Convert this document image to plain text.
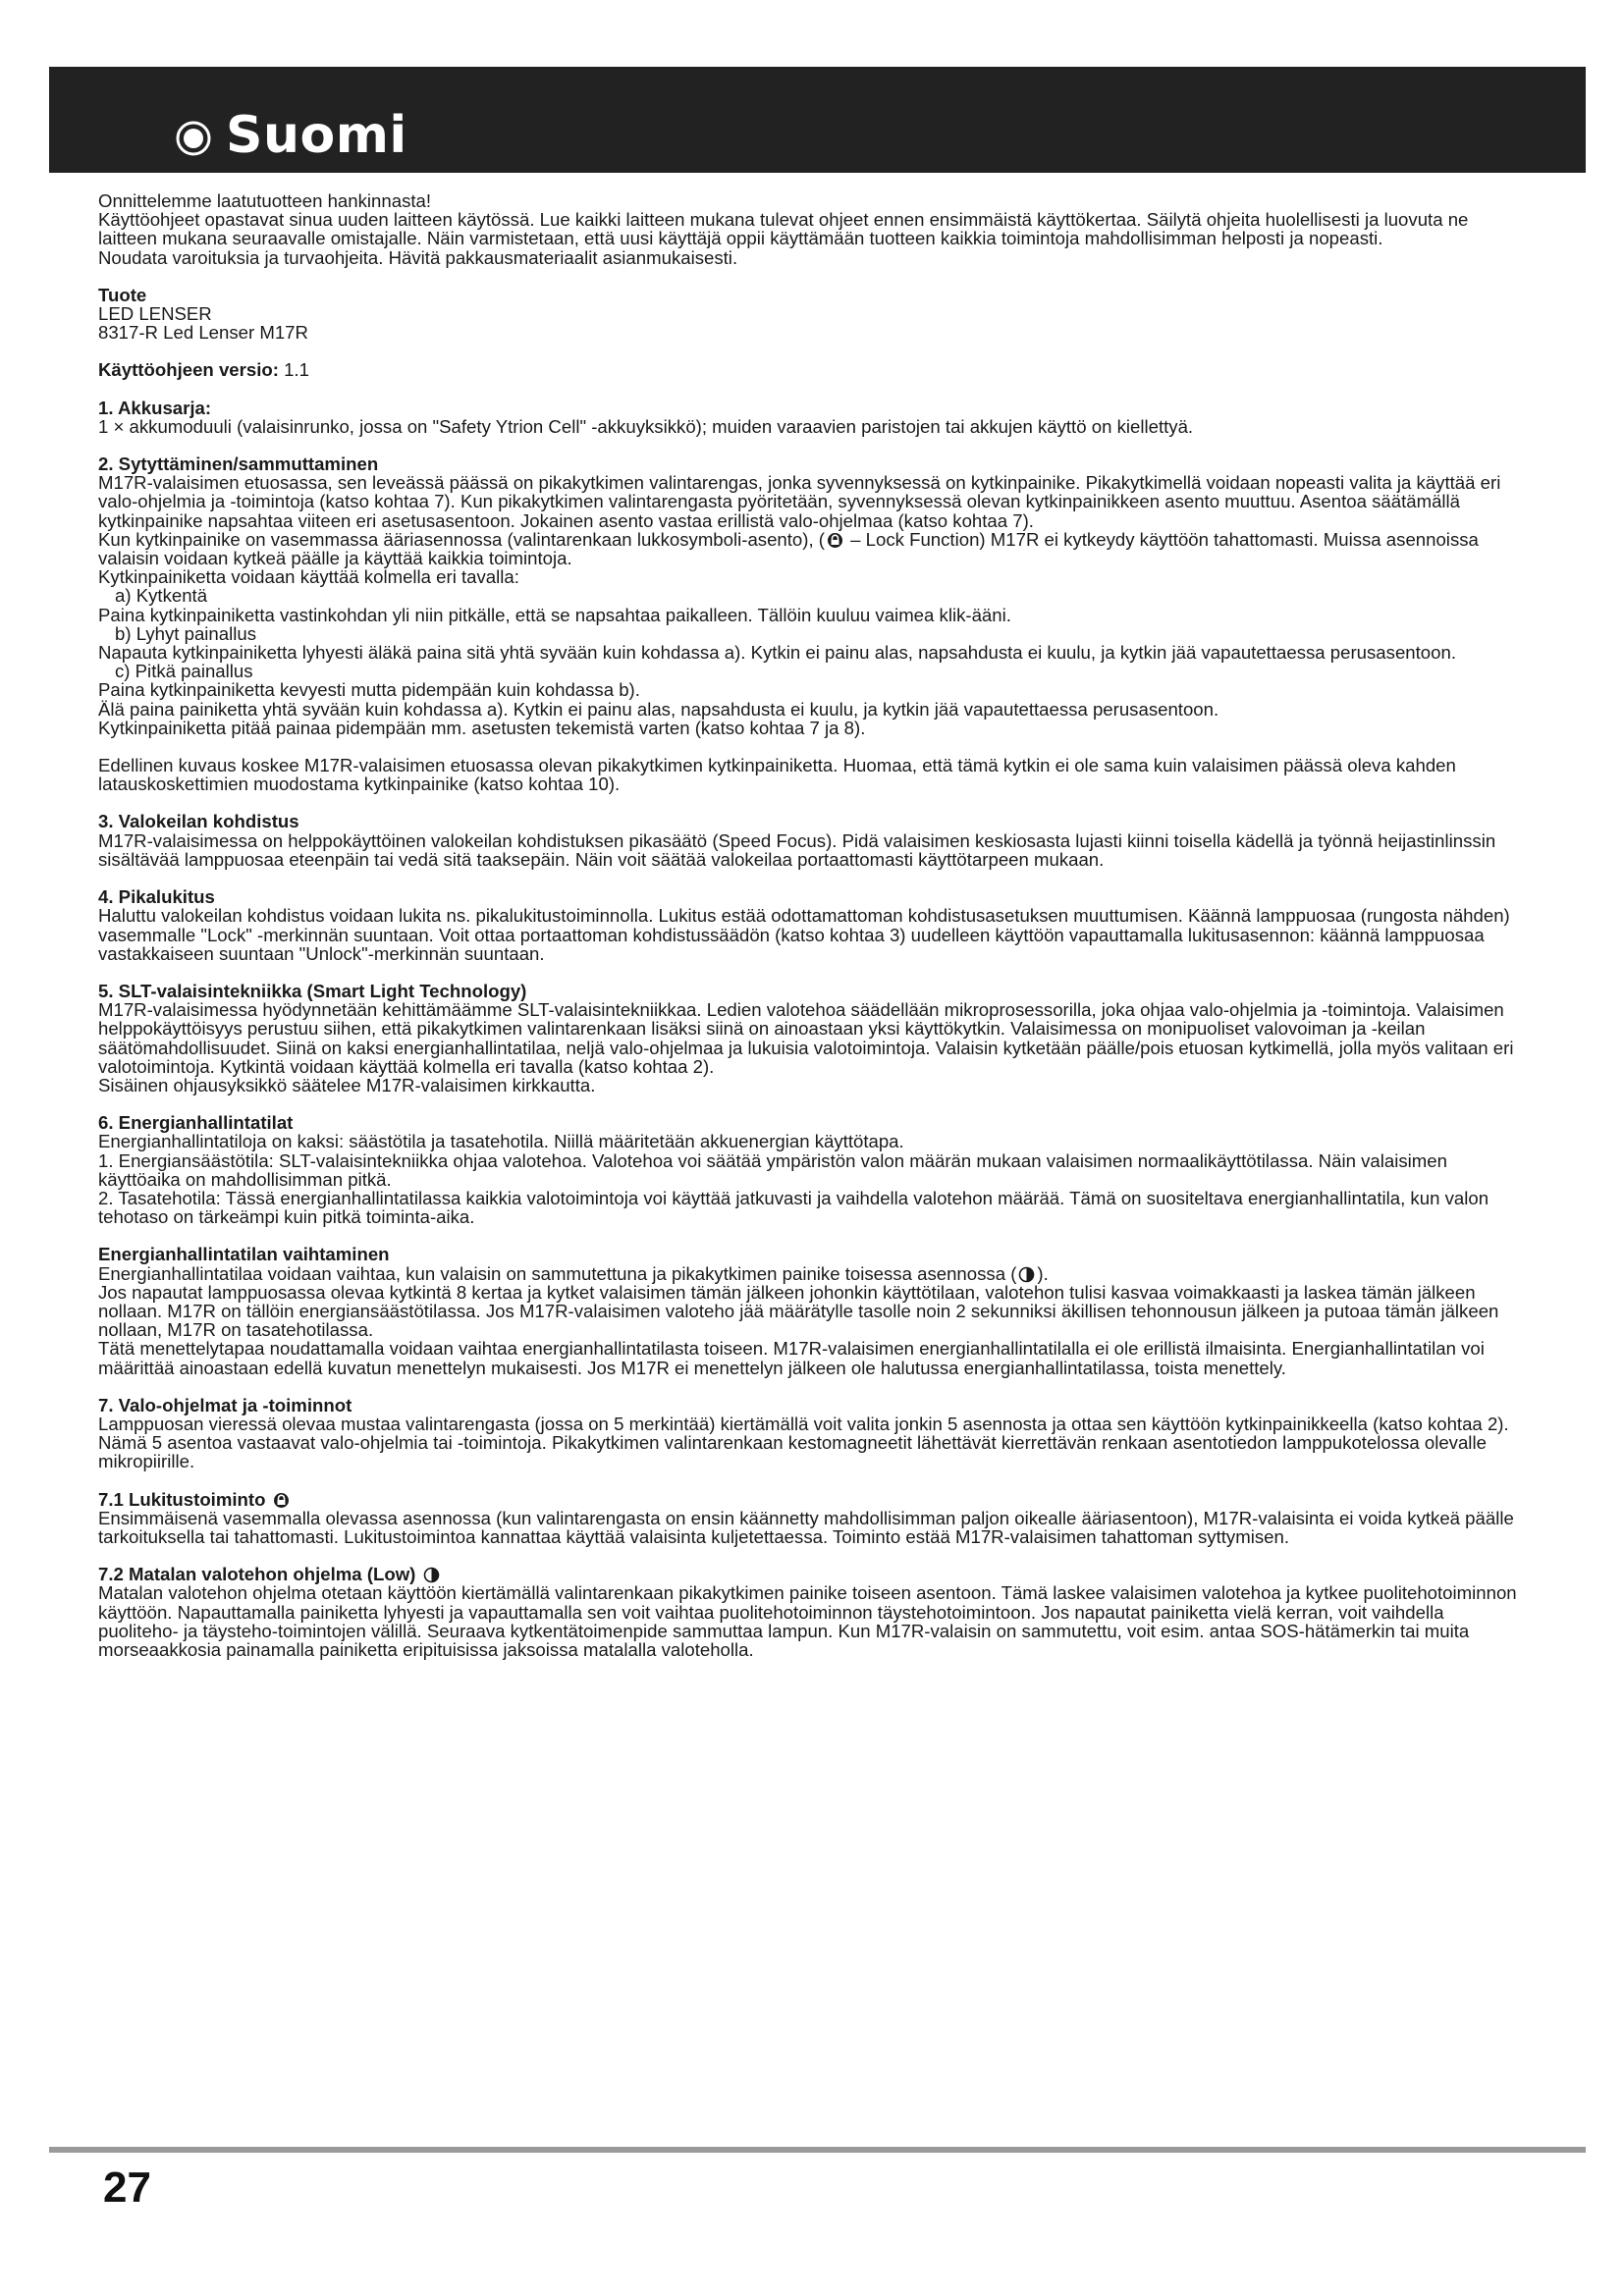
Suomi

Onnittelemme laatutuotteen hankinnasta!

Käyttöohjeet opastavat sinua uuden laitteen käytössä. Lue kaikki laitteen mukana tulevat ohjeet ennen ensimmäistä käyttökertaa. Säilytä ohjeita huolellisesti ja luovuta ne laitteen mukana seuraavalle omistajalle. Näin varmistetaan, että uusi käyttäjä oppii käyttämään tuotteen kaikkia toimintoja mahdollisimman helposti ja nopeasti.

Noudata varoituksia ja turvaohjeita. Hävitä pakkausmateriaalit asianmukaisesti.

Tuote

LED LENSER

8317-R Led Lenser M17R

Käyttöohjeen versio: 1.1

1. Akkusarja:

1 × akkumoduuli (valaisinrunko, jossa on "Safety Ytrion Cell" -akkuyksikkö); muiden varaavien paristojen tai akkujen käyttö on kiellettyä.

2. Sytyttäminen/sammuttaminen

M17R-valaisimen etuosassa, sen leveässä päässä on pikakytkimen valintarengas, jonka syvennyksessä on kytkinpainike. Pikakytkimellä voidaan nopeasti valita ja käyttää eri valo-ohjelmia ja -toimintoja (katso kohtaa 7). Kun pikakytkimen valintarengasta pyöritetään, syvennyksessä olevan kytkinpainikkeen asento muuttuu. Asentoa säätämällä kytkinpainike napsahtaa viiteen eri asetusasentoon. Jokainen asento vastaa erillistä valo-ohjelmaa (katso kohtaa 7).

Kun kytkinpainike on vasemmassa ääriasennossa (valintarenkaan lukkosymboli-asento), ( – Lock Function) M17R ei kytkeydy käyttöön tahattomasti. Muissa asennoissa valaisin voidaan kytkeä päälle ja käyttää kaikkia toimintoja.

Kytkinpainiketta voidaan käyttää kolmella eri tavalla:

a) Kytkentä

Paina kytkinpainiketta vastinkohdan yli niin pitkälle, että se napsahtaa paikalleen. Tällöin kuuluu vaimea klik-ääni.

b) Lyhyt painallus

Napauta kytkinpainiketta lyhyesti äläkä paina sitä yhtä syvään kuin kohdassa a). Kytkin ei painu alas, napsahdusta ei kuulu, ja kytkin jää vapautettaessa perusasentoon.

c) Pitkä painallus

Paina kytkinpainiketta kevyesti mutta pidempään kuin kohdassa b).

Älä paina painiketta yhtä syvään kuin kohdassa a). Kytkin ei painu alas, napsahdusta ei kuulu, ja kytkin jää vapautettaessa perusasentoon.

Kytkinpainiketta pitää painaa pidempään mm. asetusten tekemistä varten (katso kohtaa 7 ja 8).

Edellinen kuvaus koskee M17R-valaisimen etuosassa olevan pikakytkimen kytkinpainiketta. Huomaa, että tämä kytkin ei ole sama kuin valaisimen päässä oleva kahden latauskoskettimien muodostama kytkinpainike (katso kohtaa 10).

3. Valokeilan kohdistus

M17R-valaisimessa on helppokäyttöinen valokeilan kohdistuksen pikasäätö (Speed Focus). Pidä valaisimen keskiosasta lujasti kiinni toisella kädellä ja työnnä heijastinlinssin sisältävää lamppuosaa eteenpäin tai vedä sitä taaksepäin. Näin voit säätää valokeilaa portaattomasti käyttötarpeen mukaan.

4. Pikalukitus

Haluttu valokeilan kohdistus voidaan lukita ns. pikalukitustoiminnolla. Lukitus estää odottamattoman kohdistusasetuksen muuttumisen. Käännä lamppuosaa (rungosta nähden) vasemmalle "Lock" -merkinnän suuntaan. Voit ottaa portaattoman kohdistussäädön (katso kohtaa 3) uudelleen käyttöön vapauttamalla lukitusasennon: käännä lamppuosaa vastakkaiseen suuntaan "Unlock"-merkinnän suuntaan.

5. SLT-valaisintekniikka (Smart Light Technology)

M17R-valaisimessa hyödynnetään kehittämäämme SLT-valaisintekniikkaa. Ledien valotehoa säädellään mikroprosessorilla, joka ohjaa valo-ohjelmia ja -toimintoja. Valaisimen helppokäyttöisyys perustuu siihen, että pikakytkimen valintarenkaan lisäksi siinä on ainoastaan yksi käyttökytkin. Valaisimessa on monipuoliset valovoiman ja -keilan säätömahdollisuudet. Siinä on kaksi energianhallintatilaa, neljä valo-ohjelmaa ja lukuisia valotoimintoja. Valaisin kytketään päälle/pois etuosan kytkimellä, jolla myös valitaan eri valotoimintoja. Kytkintä voidaan käyttää kolmella eri tavalla (katso kohtaa 2).

Sisäinen ohjausyksikkö säätelee M17R-valaisimen kirkkautta.

6. Energianhallintatilat

Energianhallintatiloja on kaksi: säästötila ja tasatehotila. Niillä määritetään akkuenergian käyttötapa.

1. Energiansäästötila: SLT-valaisintekniikka ohjaa valotehoa. Valotehoa voi säätää ympäristön valon määrän mukaan valaisimen normaalikäyttötilassa. Näin valaisimen käyttöaika on mahdollisimman pitkä.

2. Tasatehotila: Tässä energianhallintatilassa kaikkia valotoimintoja voi käyttää jatkuvasti ja vaihdella valotehon määrää. Tämä on suositeltava energianhallintatila, kun valon tehotaso on tärkeämpi kuin pitkä toiminta-aika.

Energianhallintatilan vaihtaminen

Energianhallintatilaa voidaan vaihtaa, kun valaisin on sammutettuna ja pikakytkimen painike toisessa asennossa ( ).

Jos napautat lamppuosassa olevaa kytkintä 8 kertaa ja kytket valaisimen tämän jälkeen johonkin käyttötilaan, valotehon tulisi kasvaa voimakkaasti ja laskea tämän jälkeen nollaan. M17R on tällöin energiansäästötilassa. Jos M17R-valaisimen valoteho jää määrätylle tasolle noin 2 sekunniksi äkillisen tehonnousun jälkeen ja putoaa tämän jälkeen nollaan, M17R on tasatehotilassa.

Tätä menettelytapaa noudattamalla voidaan vaihtaa energianhallintatilasta toiseen. M17R-valaisimen energianhallintatilalla ei ole erillistä ilmaisinta. Energianhallintatilan voi määrittää ainoastaan edellä kuvatun menettelyn mukaisesti. Jos M17R ei menettelyn jälkeen ole halutussa energianhallintatilassa, toista menettely.

7. Valo-ohjelmat ja -toiminnot

Lamppuosan vieressä olevaa mustaa valintarengasta (jossa on 5 merkintää) kiertämällä voit valita jonkin 5 asennosta ja ottaa sen käyttöön kytkinpainikkeella (katso kohtaa 2). Nämä 5 asentoa vastaavat valo-ohjelmia tai -toimintoja. Pikakytkimen valintarenkaan kestomagneetit lähettävät kierrettävän renkaan asentotiedon lamppukotelossa olevalle mikropiirille.

7.1 Lukitustoiminto

Ensimmäisenä vasemmalla olevassa asennossa (kun valintarengasta on ensin käännetty mahdollisimman paljon oikealle ääriasentoon), M17R-valaisinta ei voida kytkeä päälle tarkoituksella tai tahattomasti. Lukitustoimintoa kannattaa käyttää valaisinta kuljetettaessa. Toiminto estää M17R-valaisimen tahattoman syttymisen.

7.2 Matalan valotehon ohjelma (Low)

Matalan valotehon ohjelma otetaan käyttöön kiertämällä valintarenkaan pikakytkimen painike toiseen asentoon. Tämä laskee valaisimen valotehoa ja kytkee puolitehotoiminnon käyttöön. Napauttamalla painiketta lyhyesti ja vapauttamalla sen voit vaihtaa puolitehotoiminnon täystehotoimintoon. Jos napautat painiketta vielä kerran, voit vaihdella puoliteho- ja täysteho-toimintojen välillä. Seuraava kytkentätoimenpide sammuttaa lampun. Kun M17R-valaisin on sammutettu, voit esim. antaa SOS-hätämerkin tai muita morseaakkosia painamalla painiketta eripituisissa jaksoissa matalalla valoteholla.

27
